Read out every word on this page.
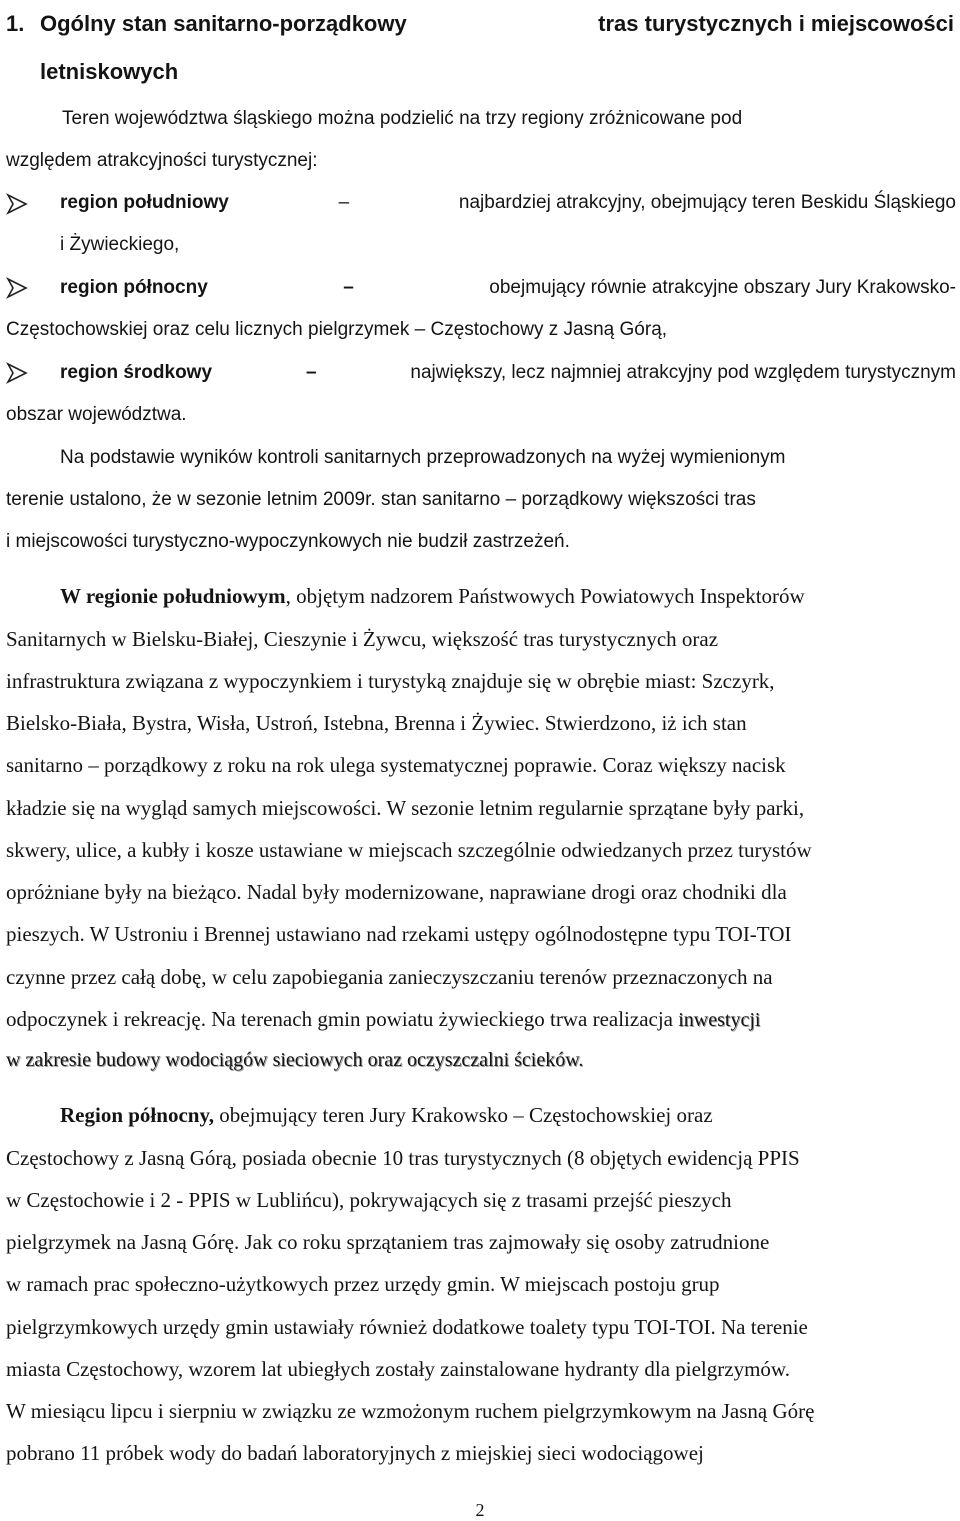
1. Ogólny stan sanitarno-porządkowy	tras turystycznych i miejscowości
letniskowych
Teren województwa śląskiego można podzielić na trzy regiony zróżnicowane pod
względem atrakcyjności turystycznej:
region południowy	–	najbardziej atrakcyjny, obejmujący teren Beskidu Śląskiego
i Żywieckiego,
region północny	–	obejmujący równie atrakcyjne obszary Jury Krakowsko-
Częstochowskiej oraz celu licznych pielgrzymek – Częstochowy z Jasną Górą,
region środkowy	–	największy, lecz najmniej atrakcyjny pod względem turystycznym
obszar województwa.
Na podstawie wyników kontroli sanitarnych przeprowadzonych na wyżej wymienionym
terenie ustalono, że w sezonie letnim 2009r. stan sanitarno – porządkowy większości tras
i miejscowości turystyczno-wypoczynkowych nie budził zastrzeżeń.
W regionie południowym, objętym nadzorem Państwowych Powiatowych Inspektorów
Sanitarnych w Bielsku-Białej, Cieszynie i Żywcu, większość tras turystycznych oraz
infrastruktura związana z wypoczynkiem i turystyką znajduje się w obrębie miast: Szczyrk,
Bielsko-Biała, Bystra, Wisła, Ustroń, Istebna, Brenna i Żywiec. Stwierdzono, iż ich stan
sanitarno – porządkowy z roku na rok ulega systematycznej poprawie. Coraz większy nacisk
kładzie się na wygląd samych miejscowości. W sezonie letnim regularnie sprzątane były parki,
skwery, ulice, a kubły i kosze ustawiane w miejscach szczególnie odwiedzanych przez turystów
opróżniane były na bieżąco. Nadal były modernizowane, naprawiane drogi oraz chodniki dla
pieszych. W Ustroniu i Brennej ustawiano nad rzekami ustępy ogólnodostępne typu TOI-TOI
czynne przez całą dobę, w celu zapobiegania zanieczyszczaniu terenów przeznaczonych na
odpoczynek i rekreację. Na terenach gmin powiatu żywieckiego trwa realizacja inwestycji
w zakresie budowy wodociągów sieciowych oraz oczyszczalni ścieków.
Region północny, obejmujący teren Jury Krakowsko – Częstochowskiej oraz
Częstochowy z Jasną Górą, posiada obecnie 10 tras turystycznych (8 objętych ewidencją PPIS
w Częstochowie i 2 - PPIS w Lublińcu), pokrywających się z trasami przejść pieszych
pielgrzymek na Jasną Górę. Jak co roku sprzątaniem tras zajmowały się osoby zatrudnione
w ramach prac społeczno-użytkowych przez urzędy gmin. W miejscach postoju grup
pielgrzymkowych urzędy gmin ustawiały również dodatkowe toalety typu TOI-TOI. Na terenie
miasta Częstochowy, wzorem lat ubiegłych zostały zainstalowane hydranty dla pielgrzymów.
W miesiącu lipcu i sierpniu w związku ze wzmożonym ruchem pielgrzymkowym na Jasną Górę
pobrano 11 próbek wody do badań laboratoryjnych z miejskiej sieci wodociągowej
2
